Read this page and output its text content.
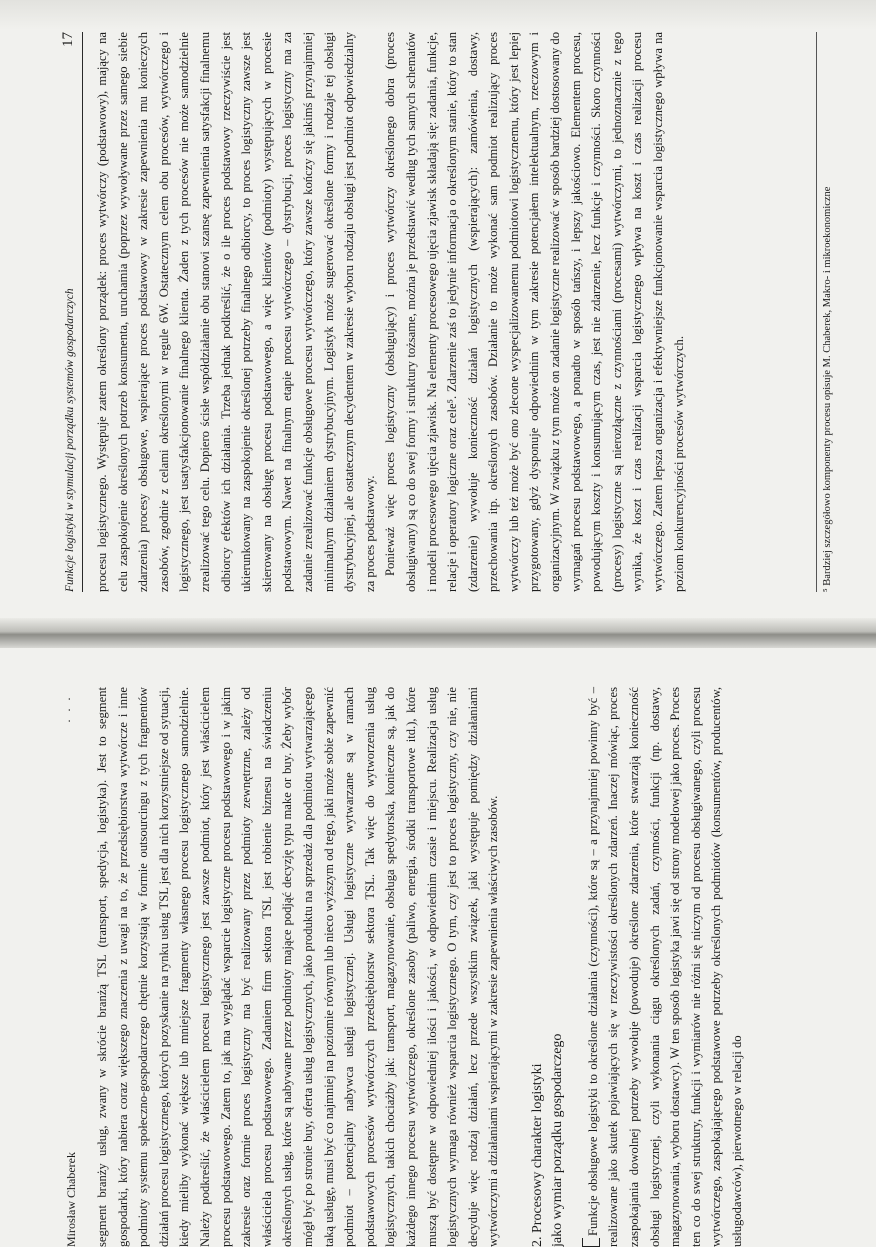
Funkcje logistyki w stymulacji porządku systemów gospodarczych
17 procesu logistycznego. Występuje zatem określony porządek: proces wytwórczy (podstawowy), mający na celu zaspokojenie określonych potrzeb konsumenta, uruchamia (poprzez wywoływane przez samego siebie zdarzenia) procesy obsługowe, wspierające proces podstawowy w zakresie zapewnienia mu konieczych zasobów, zgodnie z celami określonymi w regule 6W. Ostatecznym celem obu procesów, wytwórczego i logistycznego, jest usatysfakcjonowanie finalnego klienta. Żaden z tych procesów nie może samodzielnie zrealizować tego celu. Dopiero ścisłe współdziałanie obu stanowi szansę zapewnienia satysfakcji finalnemu odbiorcy efektów ich działania. Trzeba jednak podkreślić, że o ile proces podstawowy rzeczywiście jest ukierunkowany na zaspokojenie określonej potrzeby finalnego odbiorcy, to proces logistyczny zawsze jest skierowany na obsługę procesu podstawowego, a więc klientów (podmioty) występujących w procesie podstawowym. Nawet na finalnym etapie procesu wytwórczego – dystrybucji, proces logistyczny ma za zadanie zrealizować funkcje obsługowe procesu wytwórczego, który zawsze kończy się jakimś przynajmniej minimalnym działaniem dystrybucyjnym. Logistyk może sugerować określone formy i rodzaje tej obsługi dystrybucyjnej, ale ostatecznym decydentem w zakresie wyboru rodzaju obsługi jest podmiot odpowiedzialny za proces podstawowy. Ponieważ więc proces logistyczny (obsługujący) i proces wytwórczy określonego dobra (proces obsługiwany) są co do swej formy i struktury tożsame, można je przedstawić według tych samych schematów i modeli procesowego ujęcia zjawisk. Na elementy procesowego ujęcia zjawisk składają się: zadania, funkcje, relacje i operatory logiczne oraz cele⁵. Zdarzenie zaś to jedynie informacja o określonym stanie, który to stan (zdarzenie) wywołuje konieczność działań logistycznych (wspierających): zamówienia, dostawy, przechowania itp. określonych zasobów. Działanie to może wykonać sam podmiot realizujący proces wytwórczy lub też może być ono zlecone wyspecjalizowanemu podmiotowi logistycznemu, który jest lepiej przygotowany, gdyż dysponuje odpowiednim w tym zakresie potencjałem intelektualnym, rzeczowym i organizacyjnym. W związku z tym może on zadanie logistyczne realizować w sposób bardziej dostosowany do wymagań procesu podstawowego, a ponadto w sposób tańszy, i lepszy jakościowo. Elementem procesu, powodującym koszty i konsumującym czas, jest nie zdarzenie, lecz funkcje i czynności. Skoro czynności (procesy) logistyczne są nierozłączne z czynnościami (procesami) wytwórczymi, to jednoznacznie z tego wynika, że koszt i czas realizacji wsparcia logistycznego wpływa na koszt i czas realizacji procesu wytwórczego. Zatem lepsza organizacja i efektywniejsze funkcjonowanie wsparcia logistycznego wpływa na poziom konkurencyjności procesów wytwórczych.	⁵ Bardziej szczegółowo komponenty procesu opisuje M. Chaberek, Makro- i mikroekonomiczne
Mirosław Chaberek
· · · segment branży usług, zwany w skrócie branżą TSL (transport, spedycja, logistyka). Jest to segment gospodarki, który nabiera coraz większego znaczenia z uwagi na to, że przedsiębiorstwa wytwórcze i inne podmioty systemu społeczno-gospodarczego chętnie korzystają w formie outsourcingu z tych fragmentów działań procesu logistycznego, których pozyskanie na rynku usług TSL jest dla nich korzystniejsze od sytuacji, kiedy mieliby wykonać większe lub mniejsze fragmenty własnego procesu logistycznego samodzielnie. Należy podkreślić, że właścicielem procesu logistycznego jest zawsze podmiot, który jest właścicielem procesu podstawowego. Zatem to, jak ma wyglądać wsparcie logistyczne procesu podstawowego i w jakim zakresie oraz formie proces logistyczny ma być realizowany przez podmioty zewnętrzne, zależy od właściciela procesu podstawowego. Zadaniem firm sektora TSL jest robienie biznesu na świadczeniu określonych usług, które są nabywane przez podmioty mające podjąć decyzję typu make or buy. Żeby wybór mógł być po stronie buy, oferta usług logistycznych, jako produktu na sprzedaż dla podmiotu wytwarzającego taką usługę, musi być co najmniej na poziomie równym lub nieco wyższym od tego, jaki może sobie zapewnić podmiot – potencjalny nabywca usługi logistycznej. Usługi logistyczne wytwarzane są w ramach podstawowych procesów wytwórczych przedsiębiorstw sektora TSL. Tak więc do wytworzenia usług logistycznych, takich chociażby jak: transport, magazynowanie, obsługa spedytorska, konieczne są, jak do każdego innego procesu wytwórczego, określone zasoby (paliwo, energia, środki transportowe itd.), które muszą być dostępne w odpowiedniej ilości i jakości, w odpowiednim czasie i miejscu. Realizacja usług logistycznych wymaga również wsparcia logistycznego. O tym, czy jest to proces logistyczny, czy nie, nie decyduje więc rodzaj działań, lecz przede wszystkim związek, jaki występuje pomiędzy działaniami wytwórczymi a działaniami wspierającymi w zakresie zapewnienia właściwych zasobów. 2. Procesowy charakter logistyki jako wymiar porządku gospodarczego	Funkcje obsługowe logistyki to określone działania (czynności), które są – a przynajmniej powinny być – realizowane jako skutek pojawiających się w rzeczywistości określonych zdarzeń. Inaczej mówiąc, proces zaspokajania dowolnej potrzeby wywołuje (powoduje) określone zdarzenia, które stwarzają konieczność obsługi logistycznej, czyli wykonania ciągu określonych zadań, czynności, funkcji (np. dostawy, magazynowania, wyboru dostawcy). W ten sposób logistyka jawi się od strony modelowej jako proces. Proces ten co do swej struktury, funkcji i wymiarów nie różni się niczym od procesu obsługiwanego, czyli procesu wytwórczego, zaspokajającego podstawowe potrzeby określonych podmiotów (konsumentów, producentów, usługodawców), pierwotnego w relacji do
